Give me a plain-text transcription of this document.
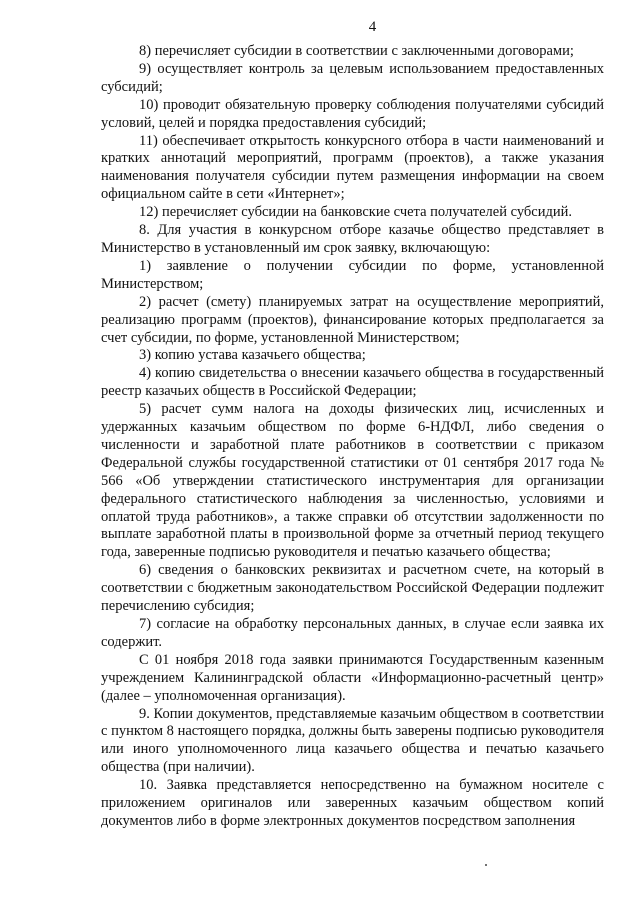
4

8) перечисляет субсидии в соответствии с заключенными договорами;

9) осуществляет контроль за целевым использованием предоставленных субсидий;

10) проводит обязательную проверку соблюдения получателями субсидий условий, целей и порядка предоставления субсидий;

11) обеспечивает открытость конкурсного отбора в части наименований и кратких аннотаций мероприятий, программ (проектов), а также указания наименования получателя субсидии путем размещения информации на своем официальном сайте в сети «Интернет»;

12) перечисляет субсидии на банковские счета получателей субсидий.

8. Для участия в конкурсном отборе казачье общество представляет в Министерство в установленный им срок заявку, включающую:

1) заявление о получении субсидии по форме, установленной Министерством;

2) расчет (смету) планируемых затрат на осуществление мероприятий, реализацию программ (проектов), финансирование которых предполагается за счет субсидии, по форме, установленной Министерством;

3) копию устава казачьего общества;

4) копию свидетельства о внесении казачьего общества в государственный реестр казачьих обществ в Российской Федерации;

5) расчет сумм налога на доходы физических лиц, исчисленных и удержанных казачьим обществом по форме 6-НДФЛ, либо сведения о численности и заработной плате работников в соответствии с приказом Федеральной службы государственной статистики от 01 сентября 2017 года № 566 «Об утверждении статистического инструментария для организации федерального статистического наблюдения за численностью, условиями и оплатой труда работников», а также справки об отсутствии задолженности по выплате заработной платы в произвольной форме за отчетный период текущего года, заверенные подписью руководителя и печатью казачьего общества;

6) сведения о банковских реквизитах и расчетном счете, на который в соответствии с бюджетным законодательством Российской Федерации подлежит перечислению субсидия;

7) согласие на обработку персональных данных, в случае если заявка их содержит.

С 01 ноября 2018 года заявки принимаются Государственным казенным учреждением Калининградской области «Информационно-расчетный центр» (далее – уполномоченная организация).

9. Копии документов, представляемые казачьим обществом в соответствии с пунктом 8 настоящего порядка, должны быть заверены подписью руководителя или иного уполномоченного лица казачьего общества и печатью казачьего общества (при наличии).

10. Заявка представляется непосредственно на бумажном носителе с приложением оригиналов или заверенных казачьим обществом копий документов либо в форме электронных документов посредством заполнения
